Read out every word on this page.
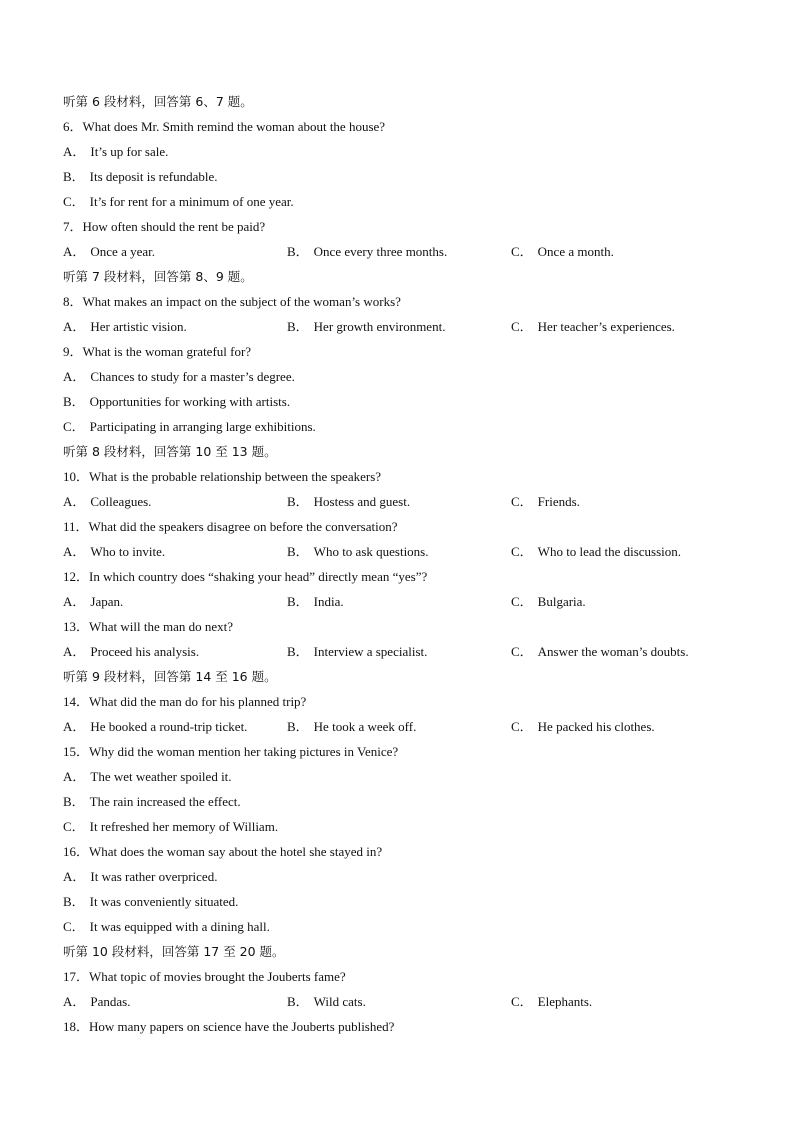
听第 6 段材料，回答第 6、7 题。
6．What does Mr. Smith remind the woman about the house?
A． It’s up for sale.
B． Its deposit is refundable.
C． It’s for rent for a minimum of one year.
7．How often should the rent be paid?
A． Once a year.	B． Once every three months.	C． Once a month.
听第 7 段材料，回答第 8、9 题。
8．What makes an impact on the subject of the woman’s works?
A． Her artistic vision.	B． Her growth environment.	C． Her teacher’s experiences.
9．What is the woman grateful for?
A． Chances to study for a master’s degree.
B． Opportunities for working with artists.
C． Participating in arranging large exhibitions.
听第 8 段材料，回答第 10 至 13 题。
10．What is the probable relationship between the speakers?
A． Colleagues.	B． Hostess and guest.	C． Friends.
11．What did the speakers disagree on before the conversation?
A． Who to invite.	B． Who to ask questions.	C． Who to lead the discussion.
12．In which country does “shaking your head” directly mean “yes”?
A． Japan.	B． India.	C． Bulgaria.
13．What will the man do next?
A． Proceed his analysis.	B． Interview a specialist.	C． Answer the woman’s doubts.
听第 9 段材料，回答第 14 至 16 题。
14．What did the man do for his planned trip?
A． He booked a round-trip ticket.	B． He took a week off.	C． He packed his clothes.
15．Why did the woman mention her taking pictures in Venice?
A． The wet weather spoiled it.
B． The rain increased the effect.
C． It refreshed her memory of William.
16．What does the woman say about the hotel she stayed in?
A． It was rather overpriced.
B． It was conveniently situated.
C． It was equipped with a dining hall.
听第 10 段材料，回答第 17 至 20 题。
17．What topic of movies brought the Jouberts fame?
A． Pandas.	B． Wild cats.	C． Elephants.
18．How many papers on science have the Jouberts published?
